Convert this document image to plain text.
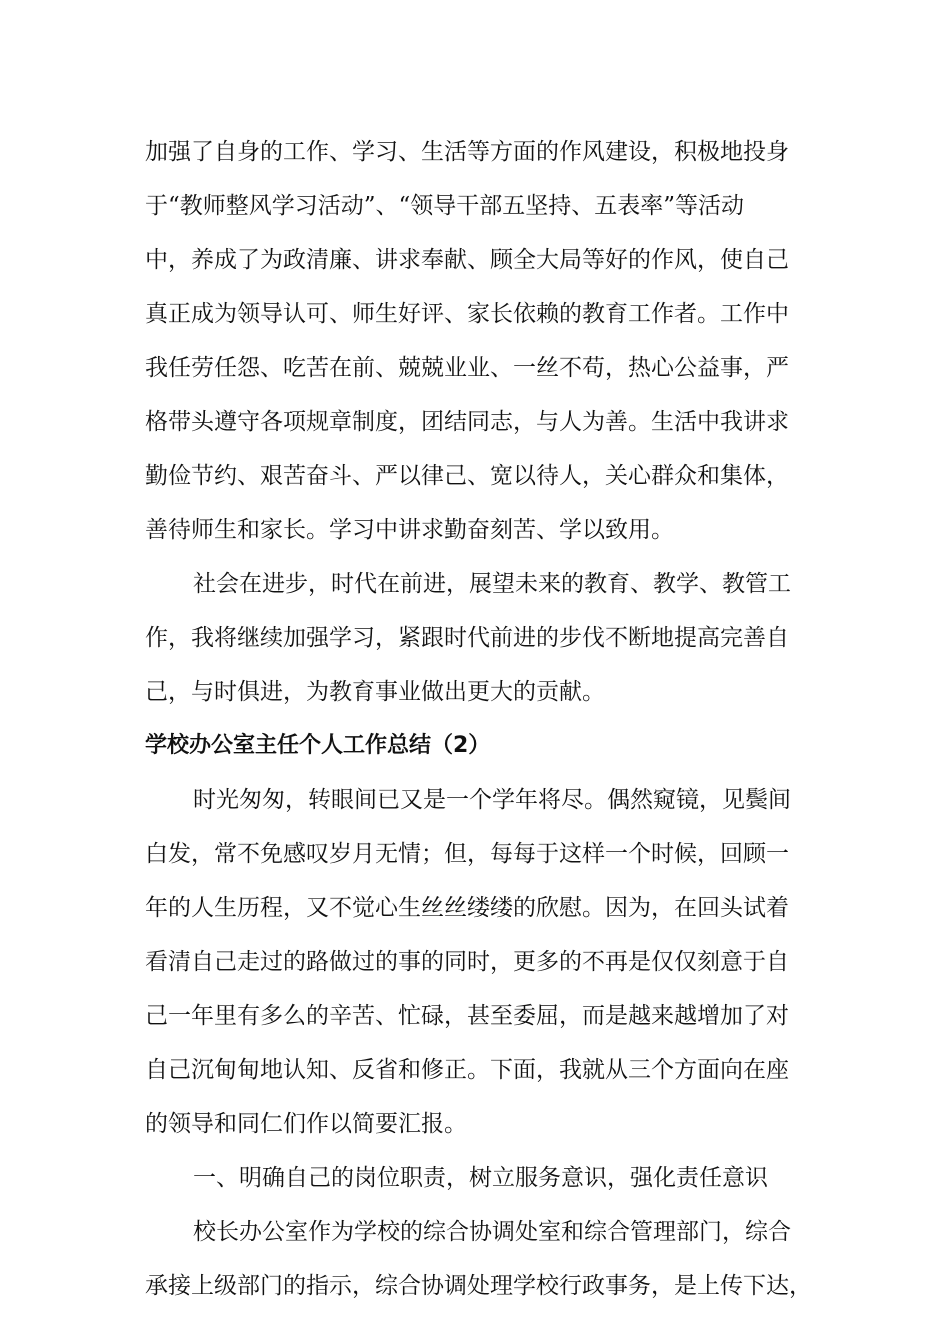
加强了自身的工作、学习、生活等方面的作风建设，积极地投身
于“教师整风学习活动”、“领导干部五坚持、五表率”等活动
中，养成了为政清廉、讲求奉献、顾全大局等好的作风，使自己
真正成为领导认可、师生好评、家长依赖的教育工作者。工作中
我任劳任怨、吃苦在前、兢兢业业、一丝不苟，热心公益事，严
格带头遵守各项规章制度，团结同志，与人为善。生活中我讲求
勤俭节约、艰苦奋斗、严以律己、宽以待人，关心群众和集体，
善待师生和家长。学习中讲求勤奋刻苦、学以致用。
社会在进步，时代在前进，展望未来的教育、教学、教管工
作，我将继续加强学习，紧跟时代前进的步伐不断地提高完善自
己，与时俱进，为教育事业做出更大的贡献。
学校办公室主任个人工作总结（2）
时光匆匆，转眼间已又是一个学年将尽。偶然窥镜，见鬓间
白发，常不免感叹岁月无情；但，每每于这样一个时候，回顾一
年的人生历程，又不觉心生丝丝缕缕的欣慰。因为，在回头试着
看清自己走过的路做过的事的同时，更多的不再是仅仅刻意于自
己一年里有多么的辛苦、忙碌，甚至委屈，而是越来越增加了对
自己沉甸甸地认知、反省和修正。下面，我就从三个方面向在座
的领导和同仁们作以简要汇报。
一、明确自己的岗位职责，树立服务意识，强化责任意识
校长办公室作为学校的综合协调处室和综合管理部门，综合
承接上级部门的指示，综合协调处理学校行政事务，是上传下达，
